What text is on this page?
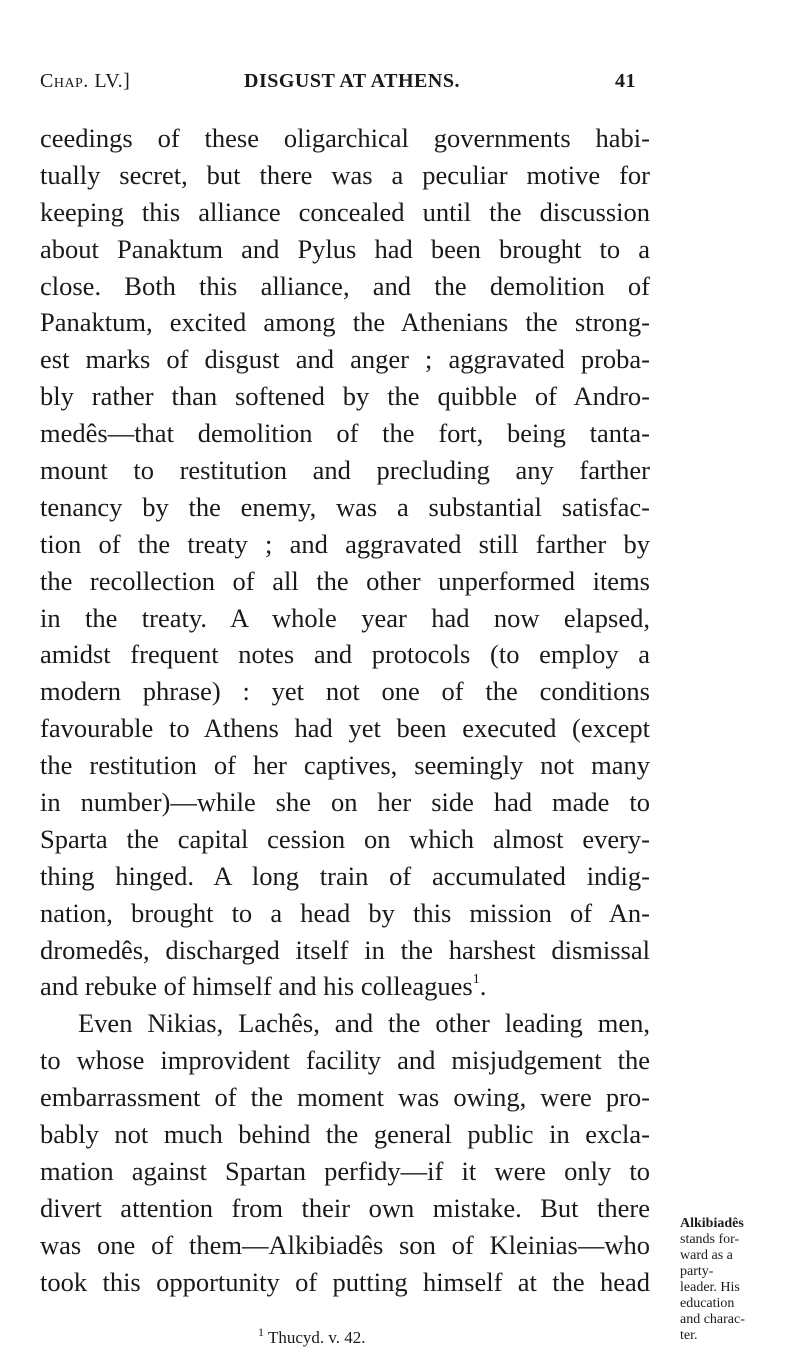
Chap. LV.]	DISGUST AT ATHENS.	41
ceedings of these oligarchical governments habi-
tually secret, but there was a peculiar motive for
keeping this alliance concealed until the discussion
about Panaktum and Pylus had been brought to a
close. Both this alliance, and the demolition of
Panaktum, excited among the Athenians the strong-
est marks of disgust and anger ; aggravated proba-
bly rather than softened by the quibble of Andro-
medês—that demolition of the fort, being tanta-
mount to restitution and precluding any farther
tenancy by the enemy, was a substantial satisfac-
tion of the treaty ; and aggravated still farther by
the recollection of all the other unperformed items
in the treaty. A whole year had now elapsed,
amidst frequent notes and protocols (to employ a
modern phrase) : yet not one of the conditions
favourable to Athens had yet been executed (except
the restitution of her captives, seemingly not many
in number)—while she on her side had made to
Sparta the capital cession on which almost every-
thing hinged. A long train of accumulated indig-
nation, brought to a head by this mission of An-
dromedês, discharged itself in the harshest dismissal
and rebuke of himself and his colleagues$^1$.
Even Nikias, Lachês, and the other leading men,
to whose improvident facility and misjudgement the
embarrassment of the moment was owing, were pro-
bably not much behind the general public in excla-
mation against Spartan perfidy—if it were only to
divert attention from their own mistake. But there
was one of them—Alkibiadês son of Kleinias—who
took this opportunity of putting himself at the head
Alkibiadês
stands for-
ward as a
party-
leader. His
education
and charac-
ter.
$^1$ Thucyd. v. 42.
